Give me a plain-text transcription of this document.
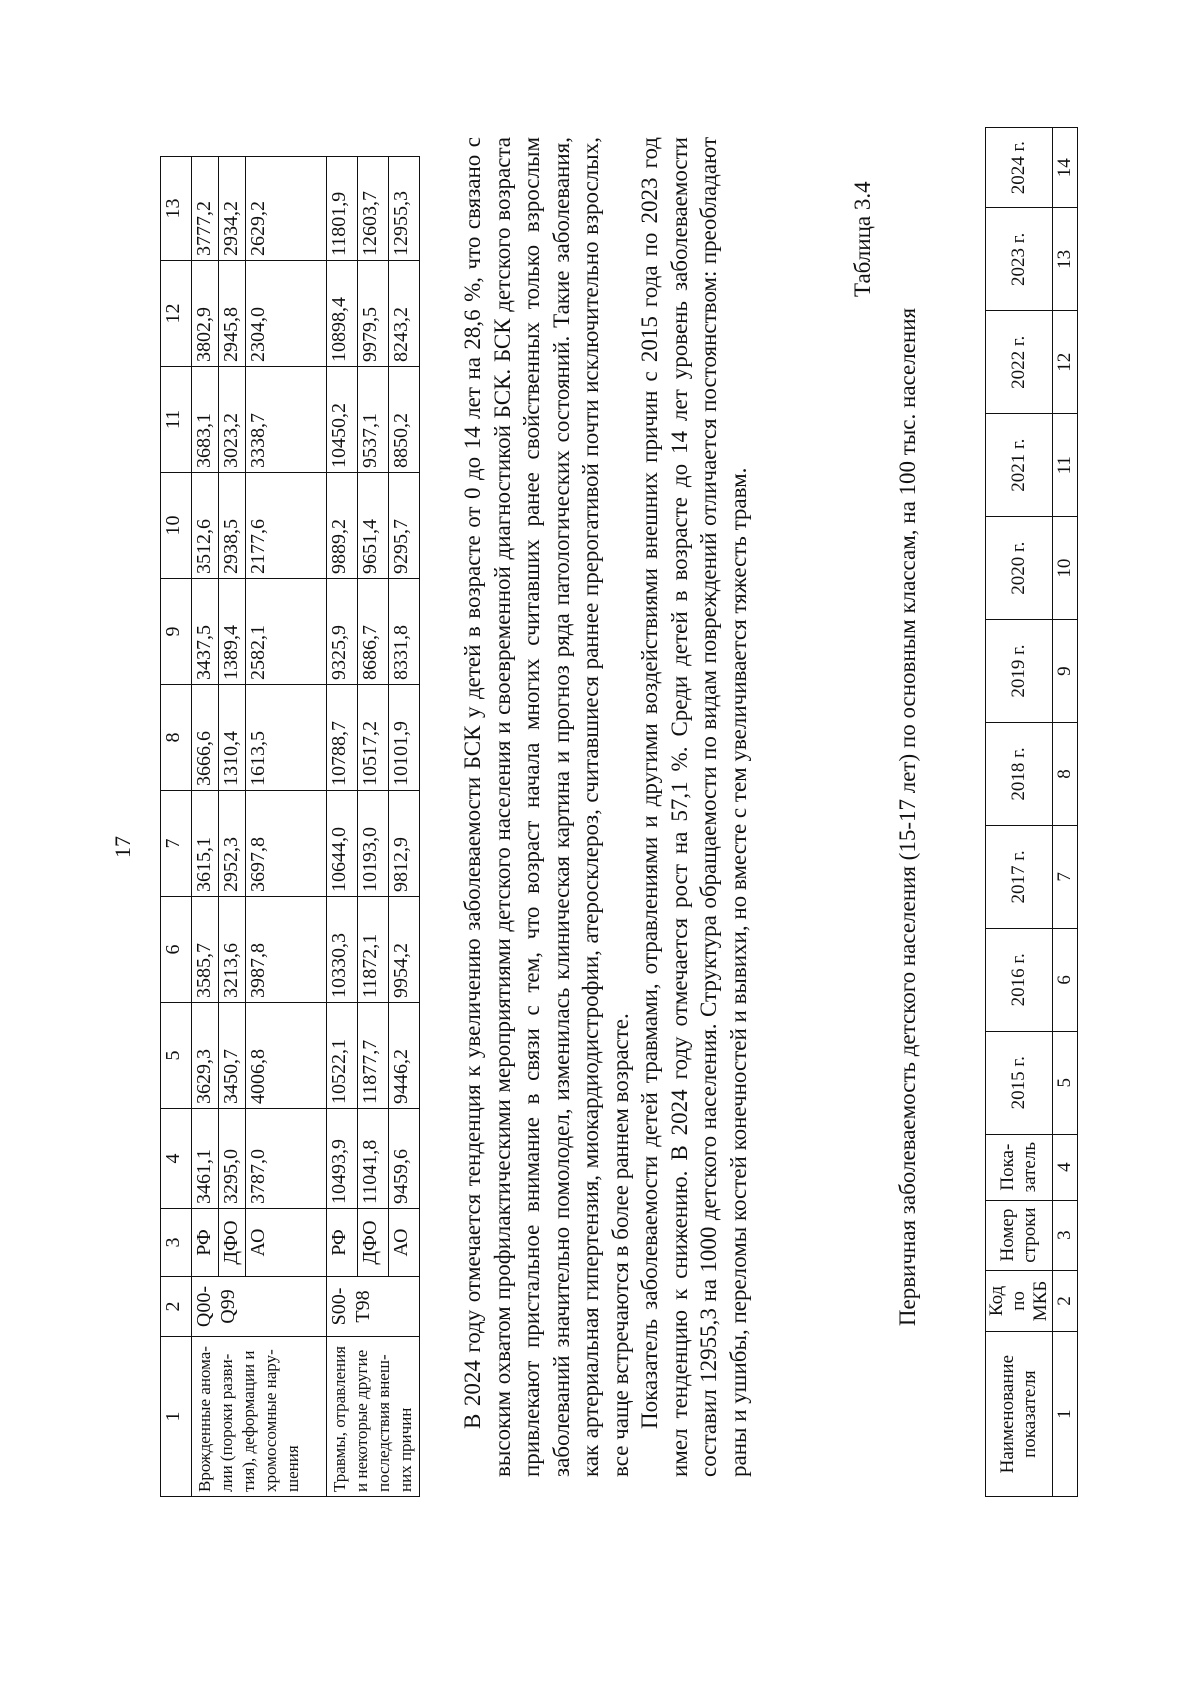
17
1	2	3	4	5	6	7	8	9	10	11	12	13
Врожденные анома-лии (пороки разви-тия), деформации и хромосомные нару-шения	Q00-Q99	РФ	3461,1	3629,3	3585,7	3615,1	3666,6	3437,5	3512,6	3683,1	3802,9	3777,2
		ДФО	3295,0	3450,7	3213,6	2952,3	1310,4	1389,4	2938,5	3023,2	2945,8	2934,2
		АО	3787,0	4006,8	3987,8	3697,8	1613,5	2582,1	2177,6	3338,7	2304,0	2629,2
Травмы, отравления и некоторые другие последствия внеш-них причин	S00-T98	РФ	10493,9	10522,1	10330,3	10644,0	10788,7	9325,9	9889,2	10450,2	10898,4	11801,9
		ДФО	11041,8	11877,7	11872,1	10193,0	10517,2	8686,7	9651,4	9537,1	9979,5	12603,7
		АО	9459,6	9446,2	9954,2	9812,9	10101,9	8331,8	9295,7	8850,2	8243,2	12955,3 В 2024 году отмечается тенденция к увеличению заболеваемости БСК у детей в возрасте от 0 до 14 лет на 28,6 %, что связано с высоким охватом профилактическими мероприятиями детского населения и своевременной диагностикой БСК. БСК детского возраста привлекают пристальное внимание в связи с тем, что возраст начала многих считавших ранее свойственных только взрослым заболеваний значительно помолодел, изменилась клиническая картина и прогноз ряда патологических состояний. Такие заболевания, как артериальная гипертензия, миокардиодистрофии, атеросклероз, считавшиеся раннее прерогативой почти исключительно взрослых, все чаще встречаются в более раннем возрасте. Показатель заболеваемости детей травмами, отравлениями и другими воздействиями внешних причин с 2015 года по 2023 год имел тенденцию к снижению. В 2024 году отмечается рост на 57,1 %. Среди детей в возрасте до 14 лет уровень заболеваемости составил 12955,3 на 1000 детского населения. Структура обращаемости по видам повреждений отличается постоянством: преобладают раны и ушибы, переломы костей конечностей и вывихи, но вместе с тем увеличивается тяжесть травм.

Таблица 3.4
Первичная заболеваемость детского населения (15-17 лет) по основным классам, на 100 тыс. населения
Наименование показателя	Код по МКБ	Номер строки	Пока-затель	2015 г.	2016 г.	2017 г.	2018 г.	2019 г.	2020 г.	2021 г.	2022 г.	2023 г.	2024 г.
1	2	3	4	5	6	7	8	9	10	11	12	13	14
